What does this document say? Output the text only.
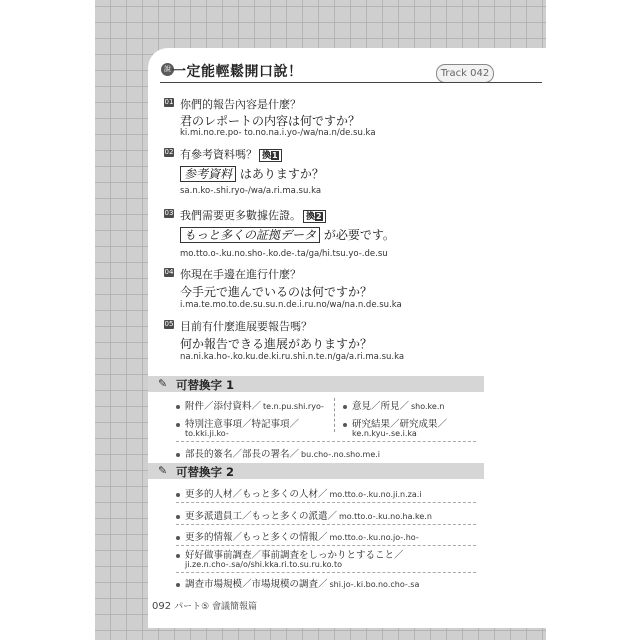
說 一定能輕鬆開口說！	Track 042
01 你們的報告內容是什麼？
君のレポートの内容は何ですか？
ki.mi.no.re.po- to.no.na.i.yo-/wa/na.n/de.su.ka
02 有參考資料嗎？ 換1
参考資料 はありますか？
sa.n.ko-.shi.ryo-/wa/a.ri.ma.su.ka
03 我們需要更多數據佐證。 換2
もっと多くの証拠データ が必要です。
mo.tto.o-.ku.no.sho-.ko.de-.ta/ga/hi.tsu.yo-.de.su
04 你現在手邊在進行什麼？
今手元で進んでいるのは何ですか？
i.ma.te.mo.to.de.su.su.n.de.i.ru.no/wa/na.n.de.su.ka
05 目前有什麼進展要報告嗎？
何か報告できる進展がありますか？
na.ni.ka.ho-.ko.ku.de.ki.ru.shi.n.te.n/ga/a.ri.ma.su.ka
✎ 可替換字 1
附件／添付資料／ te.n.pu.shi.ryo-	意見／所見／ sho.ke.n
特別注意事項／特記事項／
to.kki.ji.ko-
研究結果／研究成果／
ke.n.kyu-.se.i.ka
部長的簽名／部長の署名／ bu.cho-.no.sho.me.i
✎ 可替換字 2
更多的人材／もっと多くの人材／ mo.tto.o-.ku.no.ji.n.za.i
更多派遣員工／もっと多くの派遣／ mo.tto.o-.ku.no.ha.ke.n
更多的情報／もっと多くの情報／ mo.tto.o-.ku.no.jo-.ho-
好好做事前調查／事前調査をしっかりとすること／
ji.ze.n.cho-.sa/o/shi.kka.ri.to.su.ru.ko.to
調查市場規模／市場規模の調査／ shi.jo-.ki.bo.no.cho-.sa
092 パート⑤ 會議簡報篇
